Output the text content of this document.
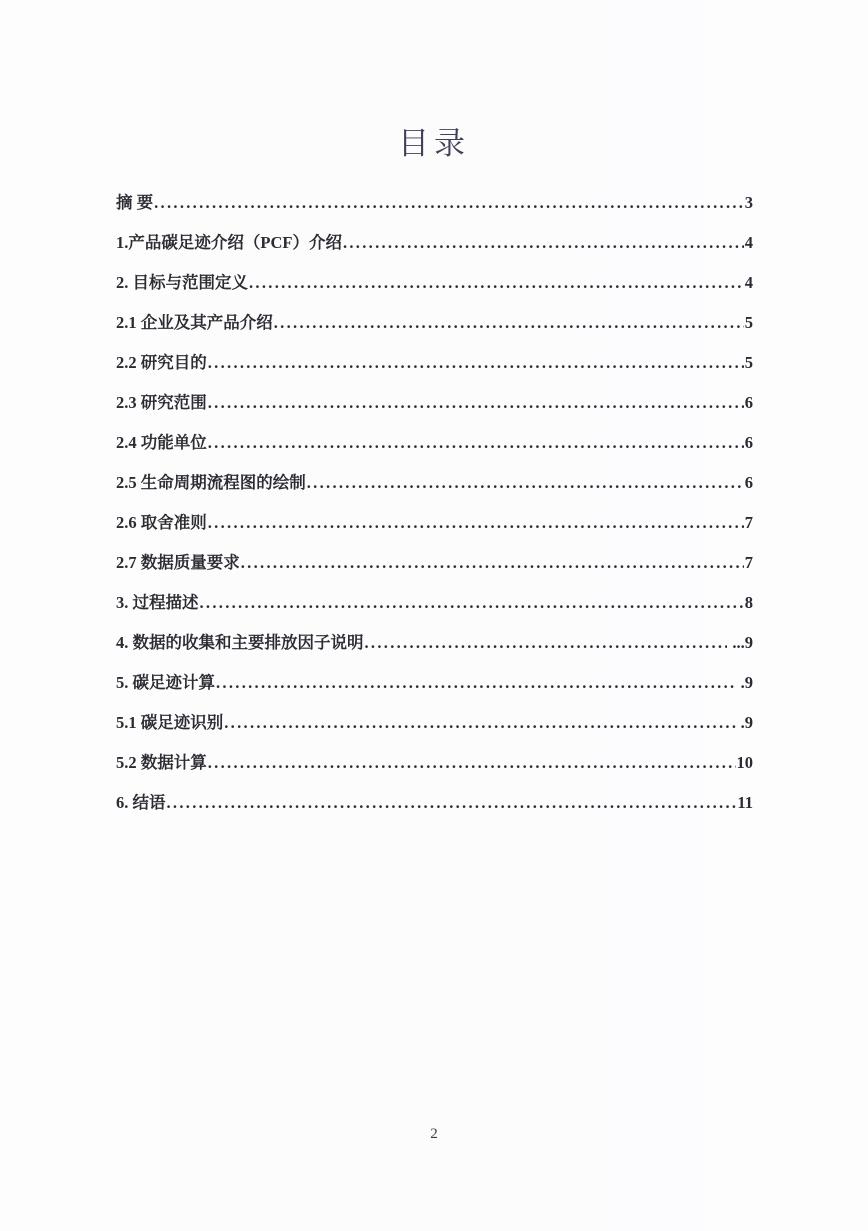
目录
摘 要 .....	3
1.产品碳足迹介绍（PCF）介绍 .....	4
2. 目标与范围定义 .....	4
2.1 企业及其产品介绍 .....	5
2.2 研究目的 .....	5
2.3 研究范围 .....	6
2.4 功能单位 .....	6
2.5 生命周期流程图的绘制 .....	6
2.6 取舍准则 .....	7
2.7 数据质量要求 .....	7
3. 过程描述 .....	8
4. 数据的收集和主要排放因子说明 .....	...9
5. 碳足迹计算 .....	.9
5.1 碳足迹识别 .....	.9
5.2 数据计算 .....	10
6. 结语 .....	11
2
